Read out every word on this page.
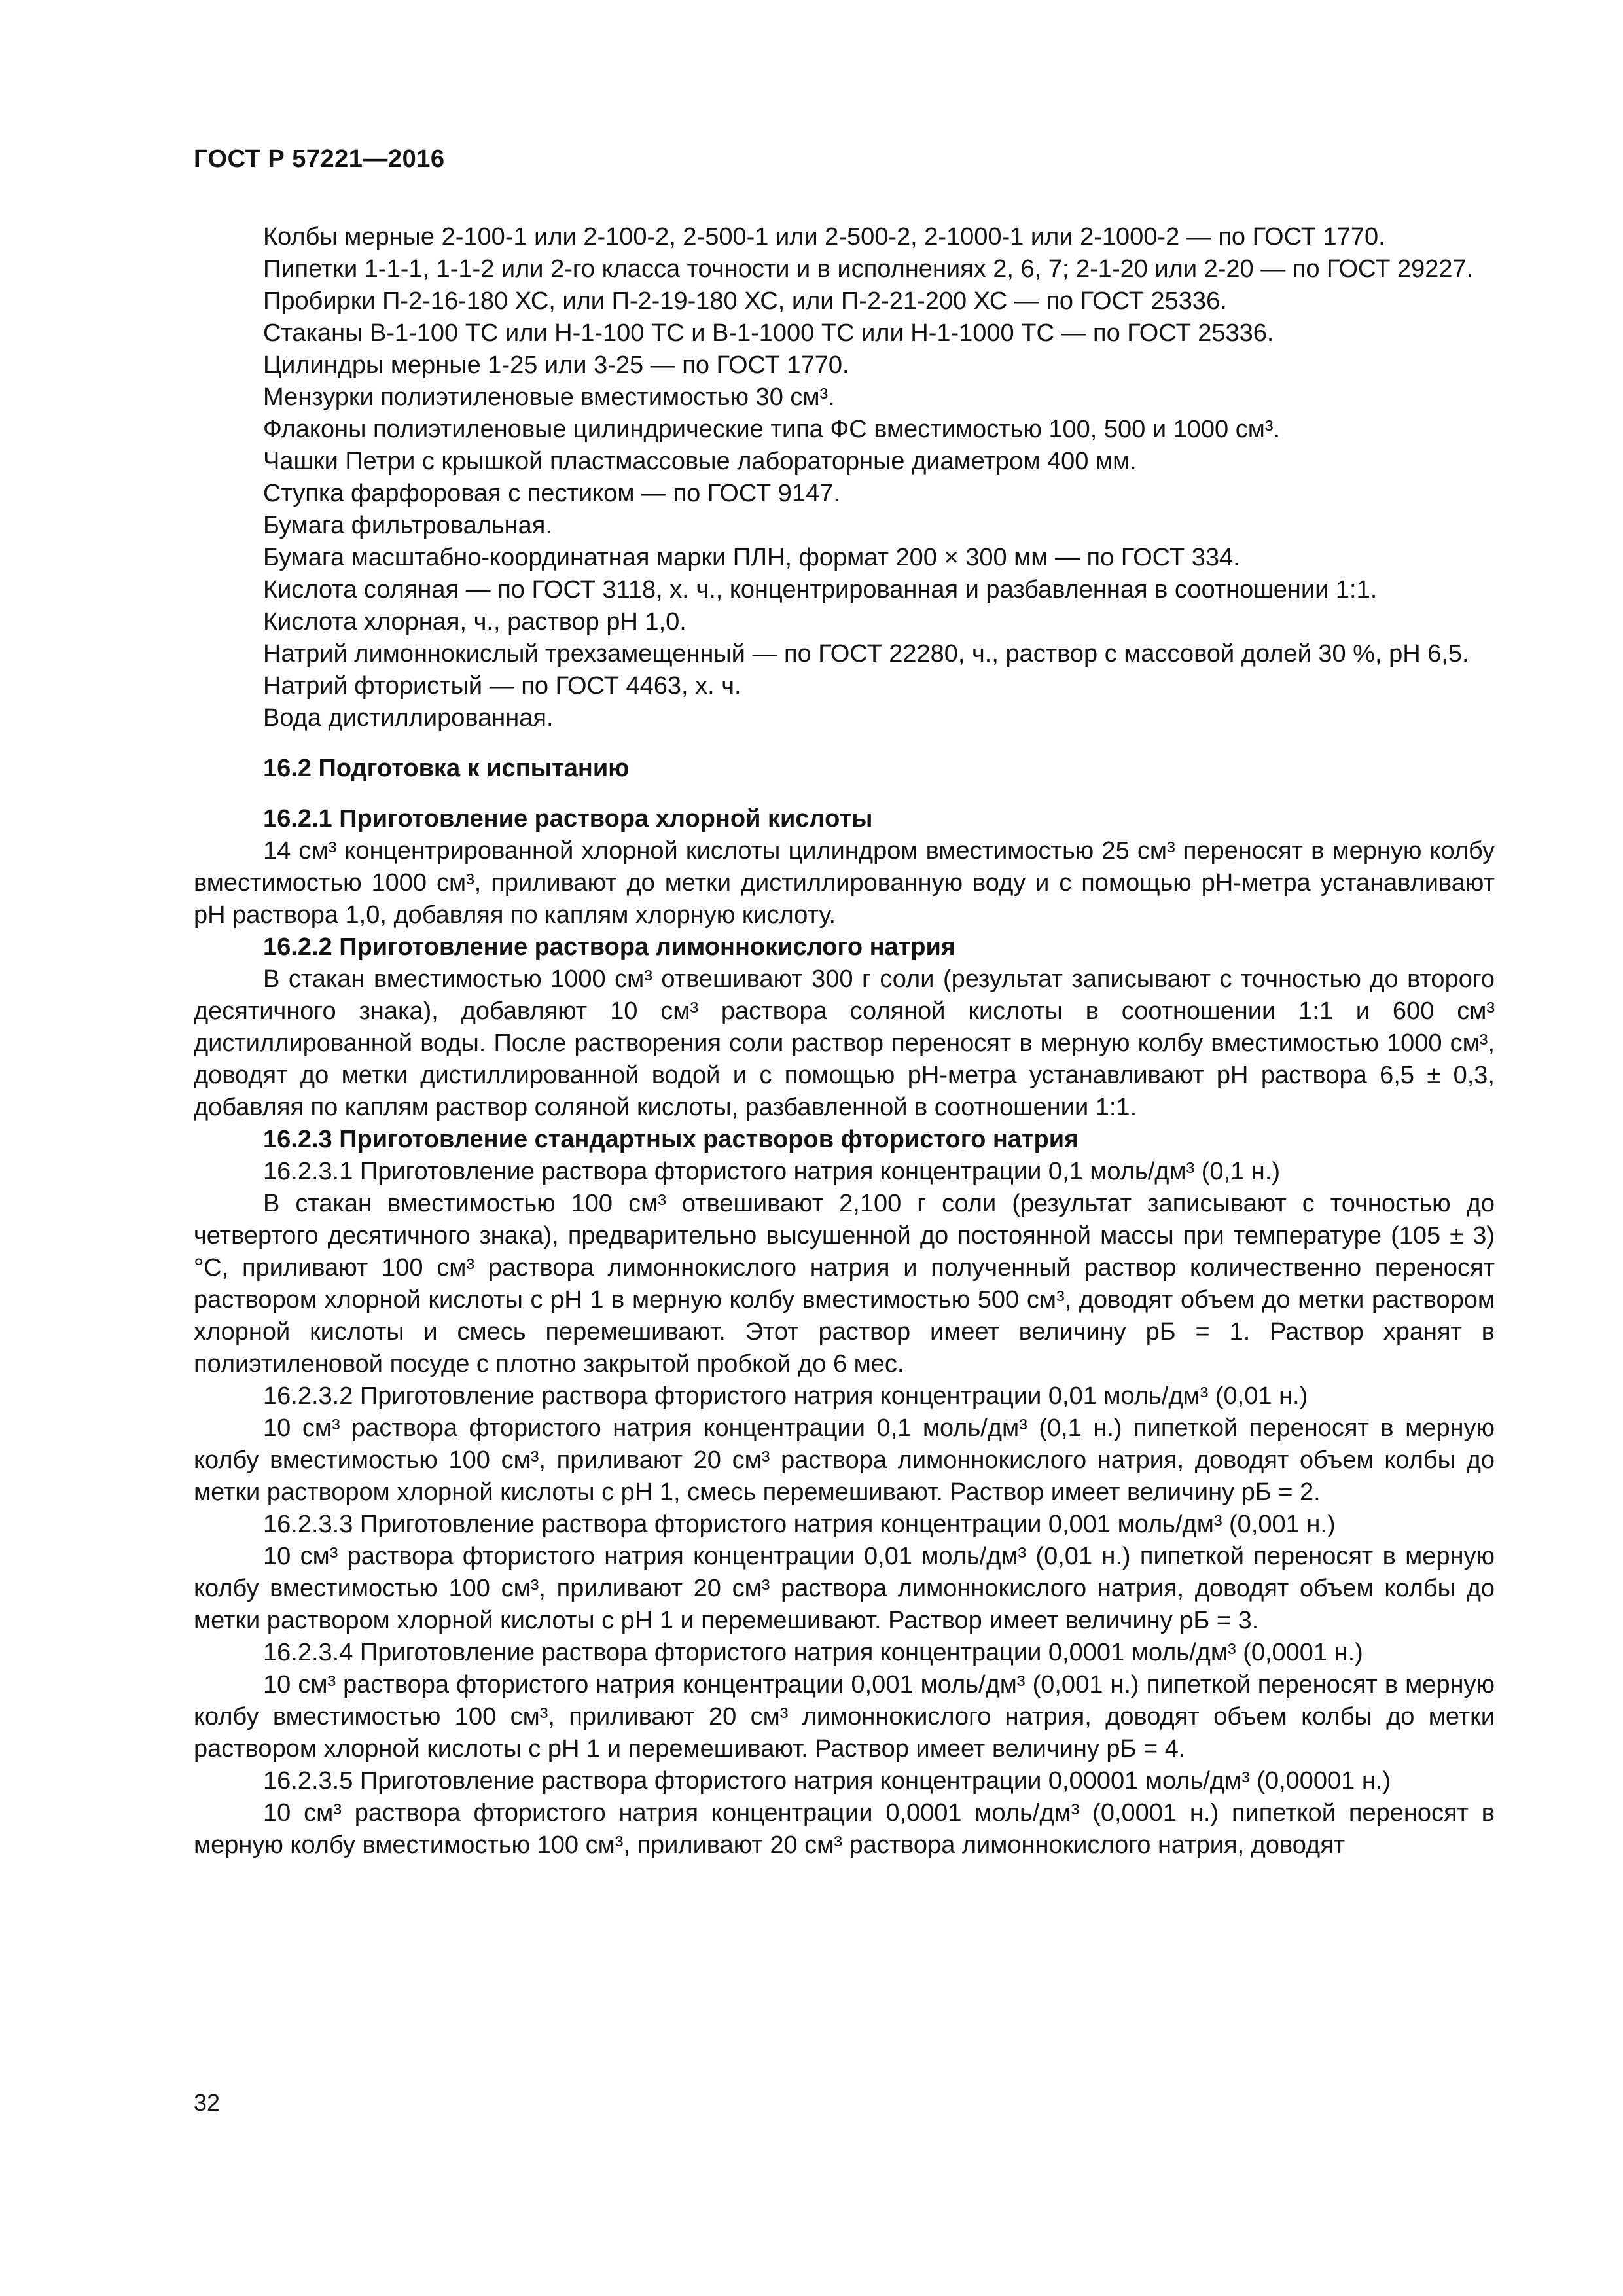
ГОСТ Р 57221—2016

Колбы мерные 2-100-1 или 2-100-2, 2-500-1 или 2-500-2, 2-1000-1 или 2-1000-2 — по ГОСТ 1770.

Пипетки 1-1-1, 1-1-2 или 2-го класса точности и в исполнениях 2, 6, 7; 2-1-20 или 2-20 — по ГОСТ 29227.

Пробирки П-2-16-180 ХС, или П-2-19-180 ХС, или П-2-21-200 ХС — по ГОСТ 25336.

Стаканы В-1-100 ТС или Н-1-100 ТС и В-1-1000 ТС или Н-1-1000 ТС — по ГОСТ 25336.

Цилиндры мерные 1-25 или 3-25 — по ГОСТ 1770.

Мензурки полиэтиленовые вместимостью 30 см³.

Флаконы полиэтиленовые цилиндрические типа ФС вместимостью 100, 500 и 1000 см³.

Чашки Петри с крышкой пластмассовые лабораторные диаметром 400 мм.

Ступка фарфоровая с пестиком — по ГОСТ 9147.

Бумага фильтровальная.

Бумага масштабно-координатная марки ПЛН, формат 200 × 300 мм — по ГОСТ 334.

Кислота соляная — по ГОСТ 3118, х. ч., концентрированная и разбавленная в соотношении 1:1.

Кислота хлорная, ч., раствор pH 1,0.

Натрий лимоннокислый трехзамещенный — по ГОСТ 22280, ч., раствор с массовой долей 30 %, pH 6,5.

Натрий фтористый — по ГОСТ 4463, х. ч.

Вода дистиллированная.

16.2 Подготовка к испытанию

16.2.1 Приготовление раствора хлорной кислоты

14 см³ концентрированной хлорной кислоты цилиндром вместимостью 25 см³ переносят в мерную колбу вместимостью 1000 см³, приливают до метки дистиллированную воду и с помощью pH-метра устанавливают pH раствора 1,0, добавляя по каплям хлорную кислоту.

16.2.2 Приготовление раствора лимоннокислого натрия

В стакан вместимостью 1000 см³ отвешивают 300 г соли (результат записывают с точностью до второго десятичного знака), добавляют 10 см³ раствора соляной кислоты в соотношении 1:1 и 600 см³ дистиллированной воды. После растворения соли раствор переносят в мерную колбу вместимостью 1000 см³, доводят до метки дистиллированной водой и с помощью pH-метра устанавливают pH раствора 6,5 ± 0,3, добавляя по каплям раствор соляной кислоты, разбавленной в соотношении 1:1.

16.2.3 Приготовление стандартных растворов фтористого натрия

16.2.3.1 Приготовление раствора фтористого натрия концентрации 0,1 моль/дм³ (0,1 н.)

В стакан вместимостью 100 см³ отвешивают 2,100 г соли (результат записывают с точностью до четвертого десятичного знака), предварительно высушенной до постоянной массы при температуре (105 ± 3) °С, приливают 100 см³ раствора лимоннокислого натрия и полученный раствор количественно переносят раствором хлорной кислоты с pH 1 в мерную колбу вместимостью 500 см³, доводят объем до метки раствором хлорной кислоты и смесь перемешивают. Этот раствор имеет величину pБ = 1. Раствор хранят в полиэтиленовой посуде с плотно закрытой пробкой до 6 мес.

16.2.3.2 Приготовление раствора фтористого натрия концентрации 0,01 моль/дм³ (0,01 н.)

10 см³ раствора фтористого натрия концентрации 0,1 моль/дм³ (0,1 н.) пипеткой переносят в мерную колбу вместимостью 100 см³, приливают 20 см³ раствора лимоннокислого натрия, доводят объем колбы до метки раствором хлорной кислоты с pH 1, смесь перемешивают. Раствор имеет величину pБ = 2.

16.2.3.3 Приготовление раствора фтористого натрия концентрации 0,001 моль/дм³ (0,001 н.)

10 см³ раствора фтористого натрия концентрации 0,01 моль/дм³ (0,01 н.) пипеткой переносят в мерную колбу вместимостью 100 см³, приливают 20 см³ раствора лимоннокислого натрия, доводят объем колбы до метки раствором хлорной кислоты с pH 1 и перемешивают. Раствор имеет величину pБ = 3.

16.2.3.4 Приготовление раствора фтористого натрия концентрации 0,0001 моль/дм³ (0,0001 н.)

10 см³ раствора фтористого натрия концентрации 0,001 моль/дм³ (0,001 н.) пипеткой переносят в мерную колбу вместимостью 100 см³, приливают 20 см³ лимоннокислого натрия, доводят объем колбы до метки раствором хлорной кислоты с pH 1 и перемешивают. Раствор имеет величину pБ = 4.

16.2.3.5 Приготовление раствора фтористого натрия концентрации 0,00001 моль/дм³ (0,00001 н.)

10 см³ раствора фтористого натрия концентрации 0,0001 моль/дм³ (0,0001 н.) пипеткой переносят в мерную колбу вместимостью 100 см³, приливают 20 см³ раствора лимоннокислого натрия, доводят

32
